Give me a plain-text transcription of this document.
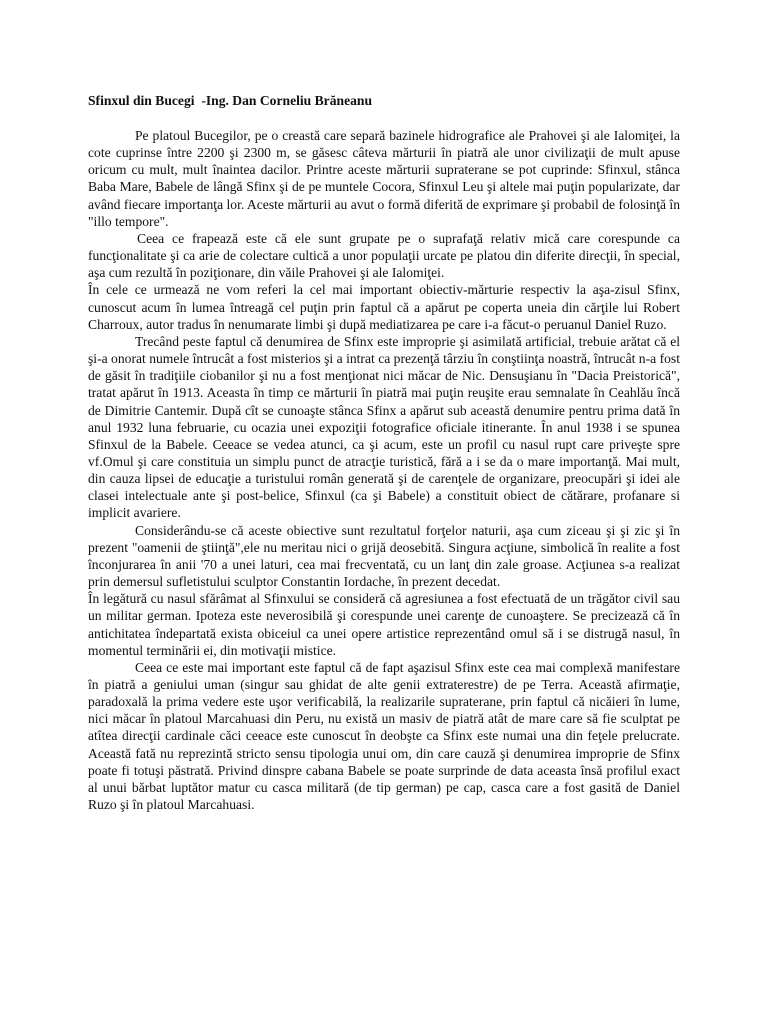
Sfinxul din Bucegi  -Ing. Dan Corneliu Brăneanu

Pe platoul Bucegilor, pe o creastă care separă bazinele hidrografice ale Prahovei şi ale Ialomiţei, la cote cuprinse între 2200 şi 2300 m, se găsesc câteva mărturii în piatră ale unor civilizaţii de mult apuse oricum cu mult, mult înaintea dacilor. Printre aceste mărturii supraterane se pot cuprinde: Sfinxul, stânca Baba Mare, Babele de lângă Sfinx şi de pe muntele Cocora, Sfinxul Leu şi altele mai puţin popularizate, dar având fiecare importanţa lor. Aceste mărturii au avut o formă diferită de exprimare şi probabil de folosinţă în "illo tempore".

Ceea ce frapează este că ele sunt grupate pe o suprafaţă relativ mică care corespunde ca funcţionalitate şi ca arie de colectare cultică a unor populaţii urcate pe platou din diferite direcţii, în special, aşa cum rezultă în poziţionare, din văile Prahovei şi ale Ialomiţei.

În cele ce urmează ne vom referi la cel mai important obiectiv-mărturie respectiv la aşa-zisul Sfinx, cunoscut acum în lumea întreagă cel puţin prin faptul că a apărut pe coperta uneia din cărţile lui Robert Charroux, autor tradus în nenumarate limbi şi după mediatizarea pe care i-a făcut-o peruanul Daniel Ruzo.

Trecând peste faptul că denumirea de Sfinx este improprie şi asimilată artificial, trebuie arătat că el şi-a onorat numele întrucât a fost misterios şi a intrat ca prezenţă târziu în conştiinţa noastră, întrucât n-a fost de găsit în tradiţiile ciobanilor şi nu a fost menţionat nici măcar de Nic. Densuşianu în "Dacia Preistorică", tratat apărut în 1913. Aceasta în timp ce mărturii în piatră mai puţin reuşite erau semnalate în Ceahlău încă de Dimitrie Cantemir. După cît se cunoaşte stânca Sfinx a apărut sub această denumire pentru prima dată în anul 1932 luna februarie, cu ocazia unei expoziţii fotografice oficiale itinerante. În anul 1938 i se spunea Sfinxul de la Babele. Ceeace se vedea atunci, ca şi acum, este un profil cu nasul rupt care priveşte spre vf.Omul şi care constituia un simplu punct de atracţie turistică, fără a i se da o mare importanţă. Mai mult, din cauza lipsei de educaţie a turistului român generată şi de carenţele de organizare, preocupări şi idei ale clasei intelectuale ante şi post-belice, Sfinxul (ca şi Babele) a constituit obiect de cătărare, profanare si implicit avariere.

Considerându-se că aceste obiective sunt rezultatul forţelor naturii, aşa cum ziceau şi şi zic şi în prezent "oamenii de ştiinţă",ele nu meritau nici o grijă deosebită. Singura acţiune, simbolică în realite a fost înconjurarea în anii '70 a unei laturi, cea mai frecventată, cu un lanţ din zale groase. Acţiunea s-a realizat prin demersul sufletistului sculptor Constantin Iordache, în prezent decedat.

În legătură cu nasul sfărâmat al Sfinxului se consideră că agresiunea a fost efectuată de un trăgător civil sau un militar german. Ipoteza este neverosibilă şi corespunde unei carenţe de cunoaştere. Se precizează că în antichitatea îndepartată exista obiceiul ca unei opere artistice reprezentând omul să i se distrugă nasul, în momentul terminării ei, din motivaţii mistice.

Ceea ce este mai important este faptul că de fapt aşazisul Sfinx este cea mai complexă manifestare în piatră a geniului uman (singur sau ghidat de alte genii extraterestre) de pe Terra. Această afirmaţie, paradoxală la prima vedere este uşor verificabilă, la realizarile supraterane, prin faptul că nicăieri în lume, nici măcar în platoul Marcahuasi din Peru, nu există un masiv de piatră atât de mare care să fie sculptat pe atîtea direcţii cardinale căci ceeace este cunoscut în deobşte ca Sfinx este numai una din feţele prelucrate. Această fată nu reprezintă stricto sensu tipologia unui om, din care cauză şi denumirea improprie de Sfinx poate fi totuşi păstrată. Privind dinspre cabana Babele se poate surprinde de data aceasta însă profilul exact al unui bărbat luptător matur cu casca militară (de tip german) pe cap, casca care a fost gasită de Daniel Ruzo şi în platoul Marcahuasi.
